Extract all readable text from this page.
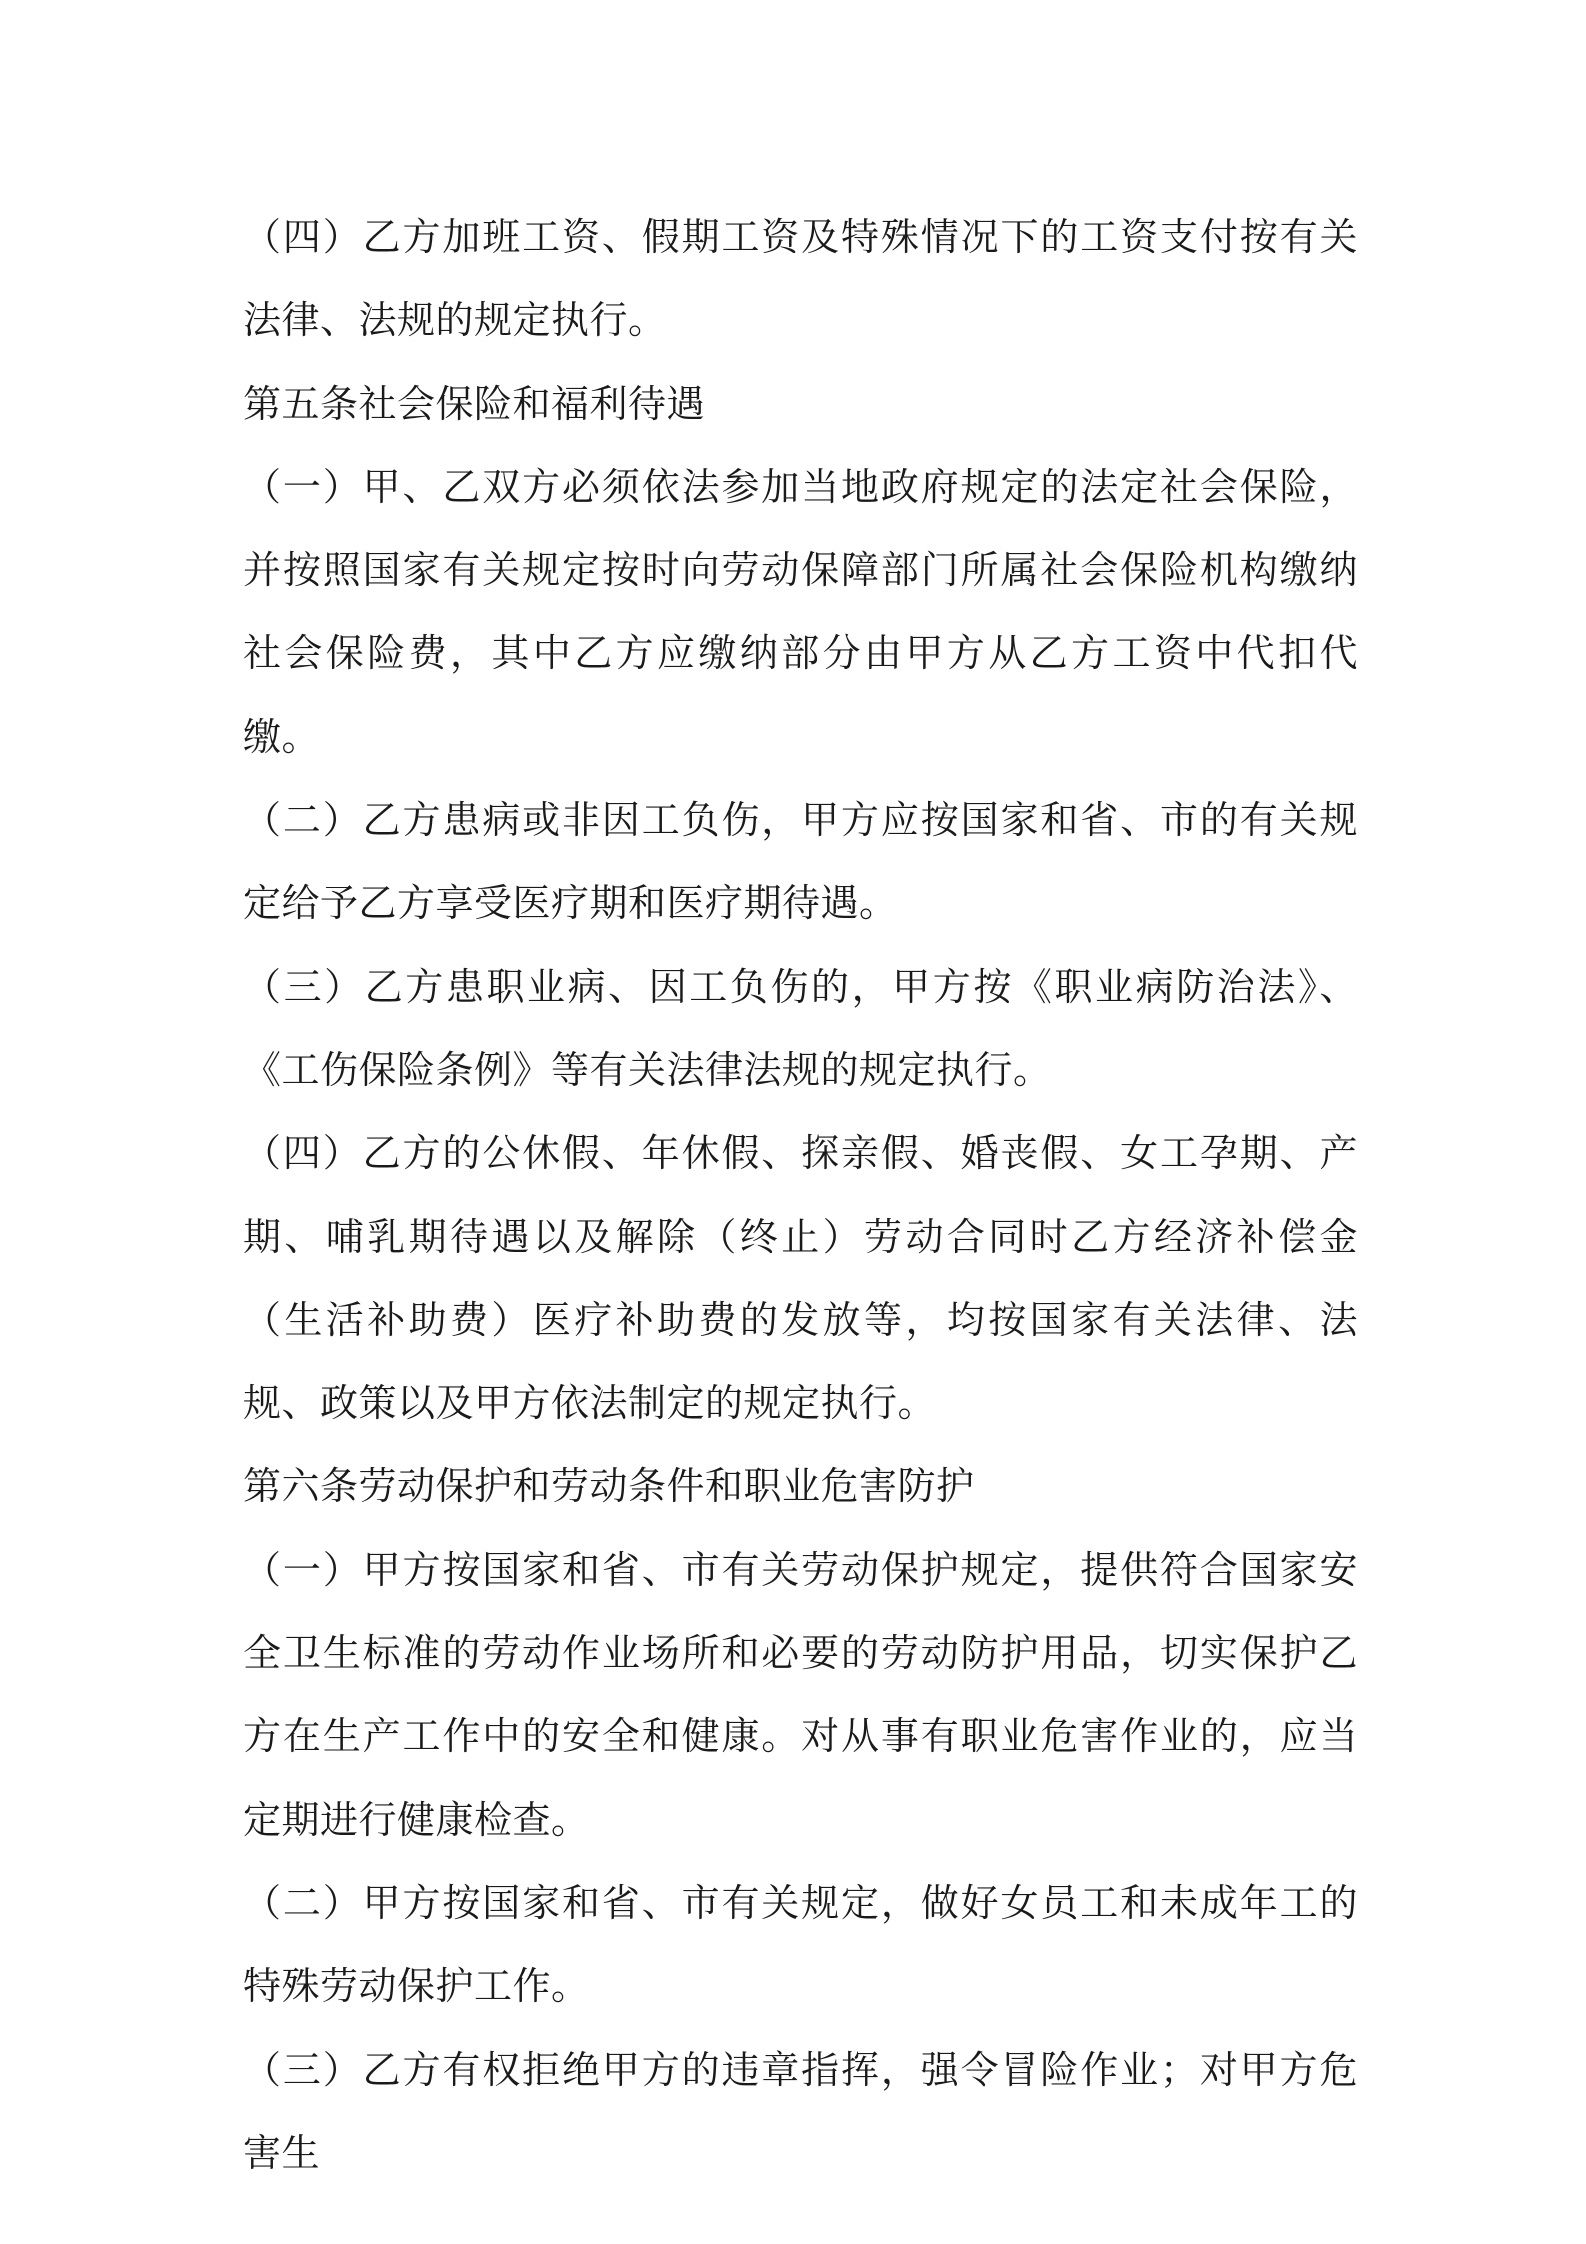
（四）乙方加班工资、假期工资及特殊情况下的工资支付按有关法律、法规的规定执行。

第五条社会保险和福利待遇

（一）甲、乙双方必须依法参加当地政府规定的法定社会保险，并按照国家有关规定按时向劳动保障部门所属社会保险机构缴纳社会保险费，其中乙方应缴纳部分由甲方从乙方工资中代扣代缴。

（二）乙方患病或非因工负伤，甲方应按国家和省、市的有关规定给予乙方享受医疗期和医疗期待遇。

（三）乙方患职业病、因工负伤的，甲方按《职业病防治法》、《工伤保险条例》等有关法律法规的规定执行。

（四）乙方的公休假、年休假、探亲假、婚丧假、女工孕期、产期、哺乳期待遇以及解除（终止）劳动合同时乙方经济补偿金（生活补助费）医疗补助费的发放等，均按国家有关法律、法规、政策以及甲方依法制定的规定执行。

第六条劳动保护和劳动条件和职业危害防护

（一）甲方按国家和省、市有关劳动保护规定，提供符合国家安全卫生标准的劳动作业场所和必要的劳动防护用品，切实保护乙方在生产工作中的安全和健康。对从事有职业危害作业的，应当定期进行健康检查。

（二）甲方按国家和省、市有关规定，做好女员工和未成年工的特殊劳动保护工作。

（三）乙方有权拒绝甲方的违章指挥，强令冒险作业；对甲方危害生
